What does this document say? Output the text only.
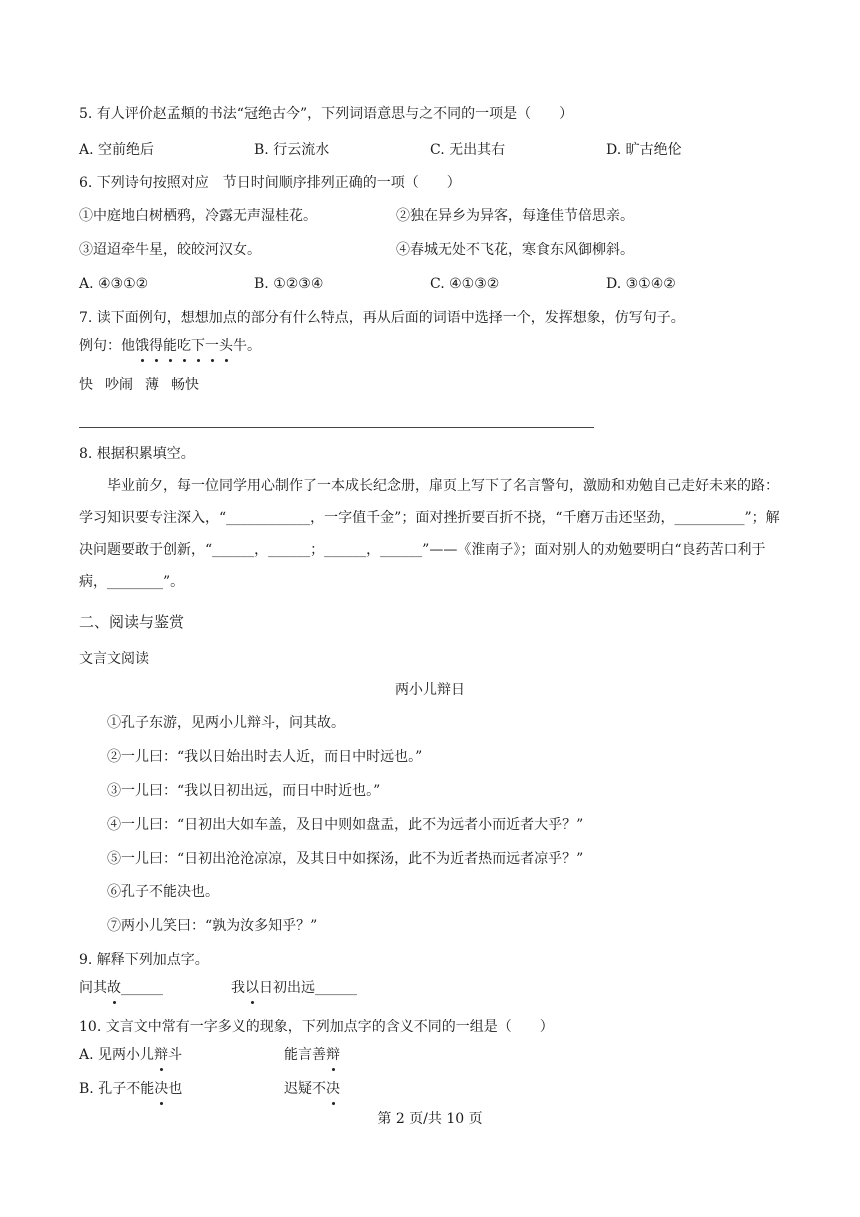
5. 有人评价赵孟頫的书法“冠绝古今”，下列词语意思与之不同的一项是（　　）
A. 空前绝后	B. 行云流水	C. 无出其右	D. 旷古绝伦
6. 下列诗句按照对应　节日时间顺序排列正确的一项（　　）
①中庭地白树栖鸦，冷露无声湿桂花。	②独在异乡为异客，每逢佳节倍思亲。
③迢迢牵牛星，皎皎河汉女。	④春城无处不飞花，寒食东风御柳斜。
A. ④③①②	B. ①②③④	C. ④①③②	D. ③①④②
7. 读下面例句，想想加点的部分有什么特点，再从后面的词语中选择一个，发挥想象，仿写句子。
例句：他饿得能吃下一头牛。
快 吵闹 薄 畅快
8. 根据积累填空。
毕业前夕，每一位同学用心制作了一本成长纪念册，扉页上写下了名言警句，激励和劝勉自己走好未来的路：学习知识要专注深入，“____________，一字值千金”；面对挫折要百折不挠，“千磨万击还坚劲，__________”；解决问题要敢于创新，“______，______；______，______”——《淮南子》；面对别人的劝勉要明白“良药苦口利于病，________”。
二、阅读与鉴赏
文言文阅读
两小儿辩日
①孔子东游，见两小儿辩斗，问其故。
②一儿曰：“我以日始出时去人近，而日中时远也。”
③一儿曰：“我以日初出远，而日中时近也。”
④一儿曰：“日初出大如车盖，及日中则如盘盂，此不为远者小而近者大乎？”
⑤一儿曰：“日初出沧沧凉凉，及其日中如探汤，此不为近者热而远者凉乎？”
⑥孔子不能决也。
⑦两小儿笑曰：“孰为汝多知乎？”
9. 解释下列加点字。
问其故______	我以日初出远______
10. 文言文中常有一字多义的现象，下列加点字的含义不同的一组是（　　）
A. 见两小儿辩斗	能言善辩
B. 孔子不能决也	迟疑不决
第 2 页/共 10 页
